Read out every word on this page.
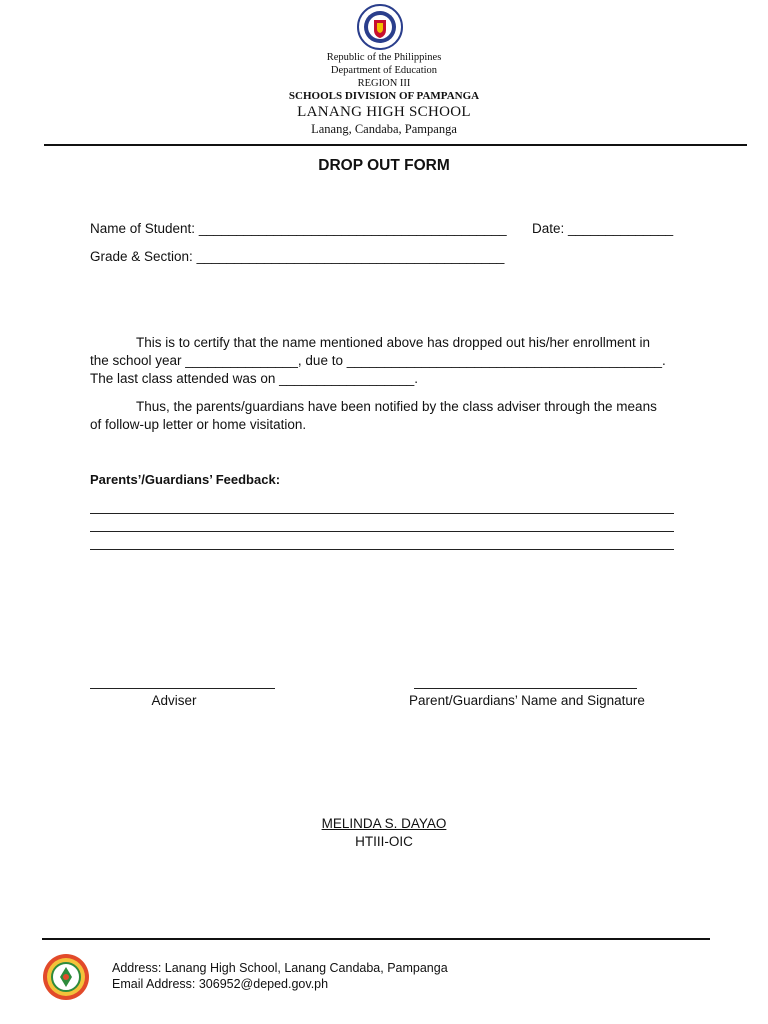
Republic of the Philippines
Department of Education
REGION III
SCHOOLS DIVISION OF PAMPANGA
LANANG HIGH SCHOOL
Lanang, Candaba, Pampanga
DROP OUT FORM
Name of Student: _________________________________________ Date: ______________
Grade & Section: _________________________________________
This is to certify that the name mentioned above has dropped out his/her enrollment in
the school year _______________, due to __________________________________________.
The last class attended was on __________________.
Thus, the parents/guardians have been notified by the class adviser through the means
of follow-up letter or home visitation.
Parents’/Guardians’ Feedback:
Adviser	Parent/Guardians’ Name and Signature
MELINDA S. DAYAO
HTIII-OIC
Address: Lanang High School, Lanang Candaba, Pampanga
Email Address: 306952@deped.gov.ph
